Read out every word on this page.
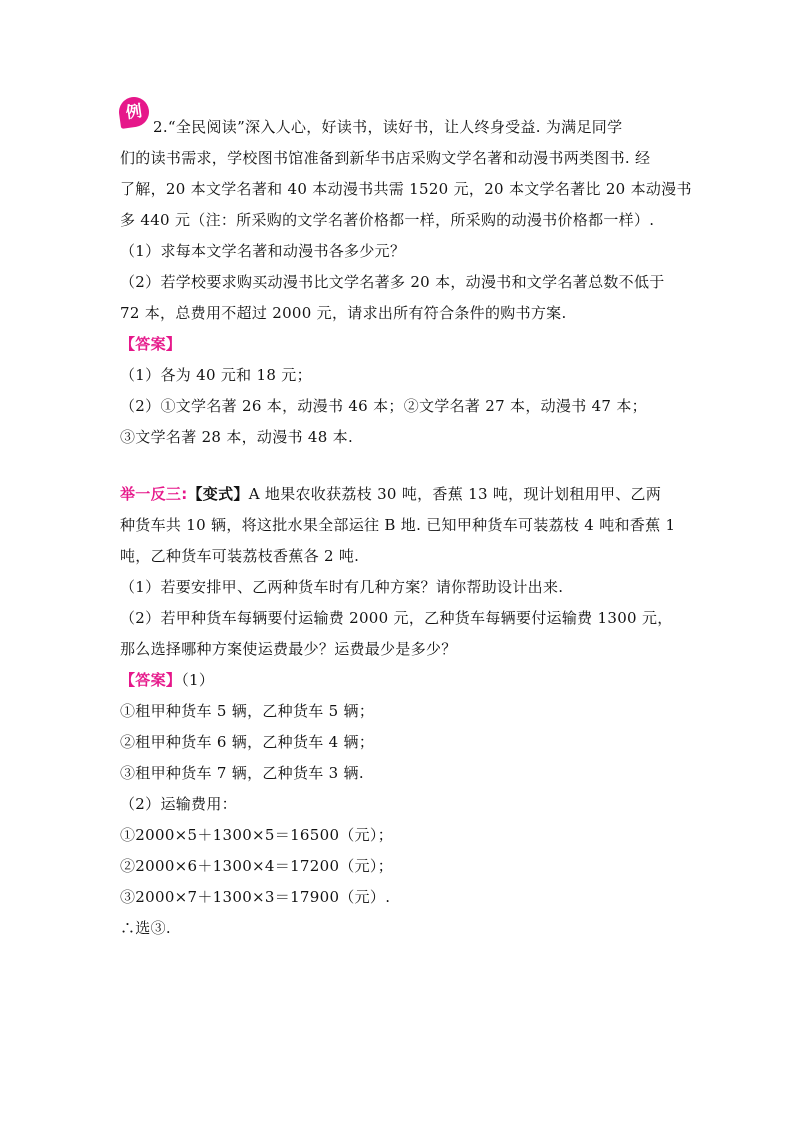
例
2.“全民阅读”深入人心，好读书，读好书，让人终身受益. 为满足同学
们的读书需求，学校图书馆准备到新华书店采购文学名著和动漫书两类图书. 经
了解，20 本文学名著和 40 本动漫书共需 1520 元，20 本文学名著比 20 本动漫书
多 440 元（注：所采购的文学名著价格都一样，所采购的动漫书价格都一样）.
（1）求每本文学名著和动漫书各多少元？
（2）若学校要求购买动漫书比文学名著多 20 本，动漫书和文学名著总数不低于
72 本，总费用不超过 2000 元，请求出所有符合条件的购书方案.
【答案】
（1）各为 40 元和 18 元；
（2）①文学名著 26 本，动漫书 46 本；②文学名著 27 本，动漫书 47 本；
③文学名著 28 本，动漫书 48 本.
举一反三:【变式】A 地果农收获荔枝 30 吨，香蕉 13 吨，现计划租用甲、乙两
种货车共 10 辆，将这批水果全部运往 B 地. 已知甲种货车可装荔枝 4 吨和香蕉 1
吨，乙种货车可装荔枝香蕉各 2 吨.
（1）若要安排甲、乙两种货车时有几种方案？请你帮助设计出来.
（2）若甲种货车每辆要付运输费 2000 元，乙种货车每辆要付运输费 1300 元，
那么选择哪种方案使运费最少？运费最少是多少？
【答案】（1）
①租甲种货车 5 辆，乙种货车 5 辆；
②租甲种货车 6 辆，乙种货车 4 辆；
③租甲种货车 7 辆，乙种货车 3 辆.
（2）运输费用：
①2000×5＋1300×5＝16500（元）；
②2000×6＋1300×4＝17200（元）；
③2000×7＋1300×3＝17900（元）.
∴选③.
